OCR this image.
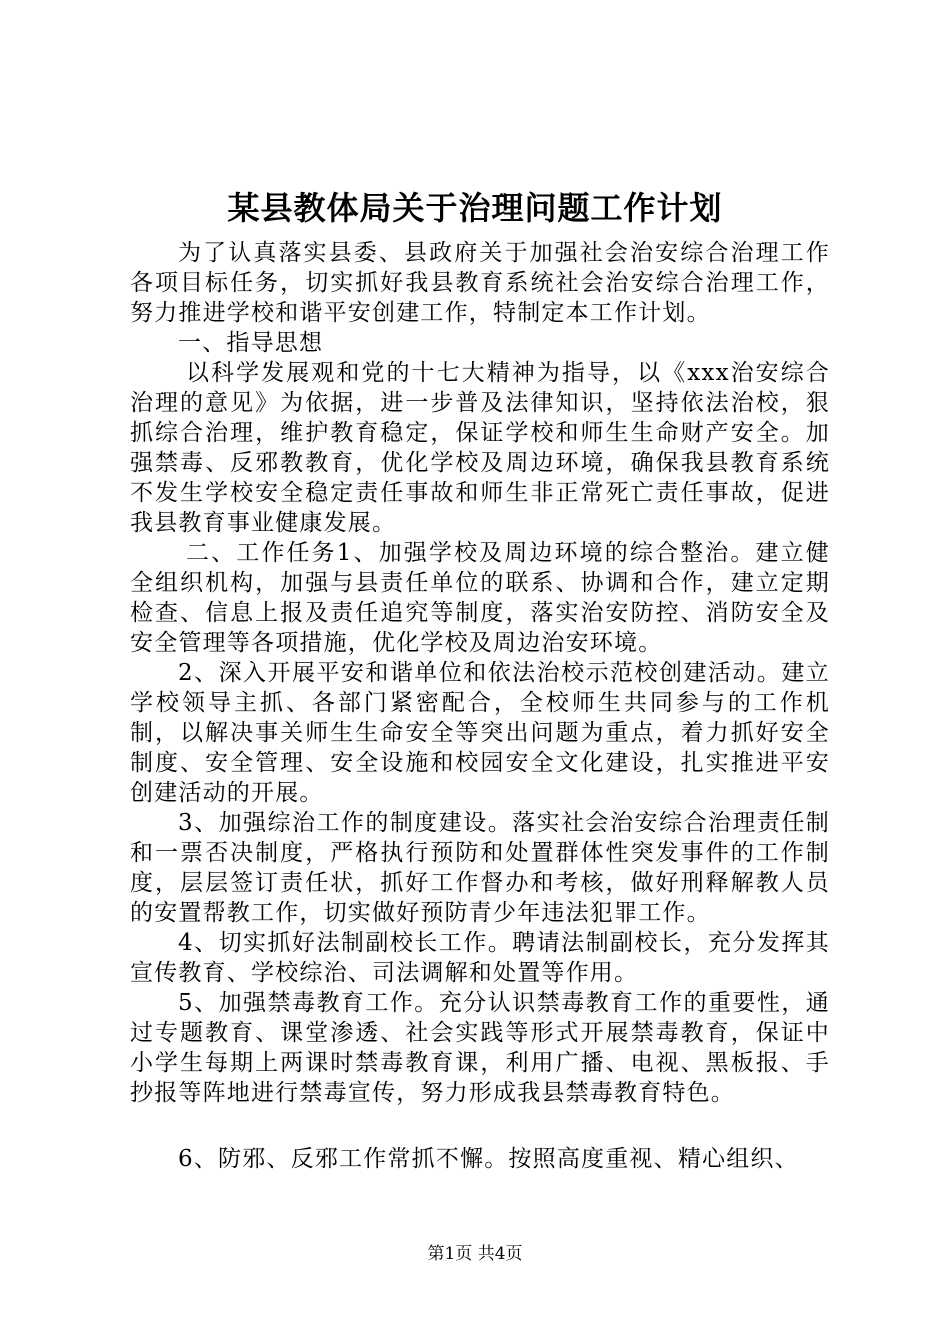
某县教体局关于治理问题工作计划

为了认真落实县委、县政府关于加强社会治安综合治理工作各项目标任务，切实抓好我县教育系统社会治安综合治理工作，努力推进学校和谐平安创建工作，特制定本工作计划。

一、指导思想

以科学发展观和党的十七大精神为指导，以《xxx治安综合治理的意见》为依据，进一步普及法律知识，坚持依法治校，狠抓综合治理，维护教育稳定，保证学校和师生生命财产安全。加强禁毒、反邪教教育，优化学校及周边环境，确保我县教育系统不发生学校安全稳定责任事故和师生非正常死亡责任事故，促进我县教育事业健康发展。

二、工作任务1、加强学校及周边环境的综合整治。建立健全组织机构，加强与县责任单位的联系、协调和合作，建立定期检查、信息上报及责任追究等制度，落实治安防控、消防安全及安全管理等各项措施，优化学校及周边治安环境。

2、深入开展平安和谐单位和依法治校示范校创建活动。建立学校领导主抓、各部门紧密配合，全校师生共同参与的工作机制，以解决事关师生生命安全等突出问题为重点，着力抓好安全制度、安全管理、安全设施和校园安全文化建设，扎实推进平安创建活动的开展。

3、加强综治工作的制度建设。落实社会治安综合治理责任制和一票否决制度，严格执行预防和处置群体性突发事件的工作制度，层层签订责任状，抓好工作督办和考核，做好刑释解教人员的安置帮教工作，切实做好预防青少年违法犯罪工作。

4、切实抓好法制副校长工作。聘请法制副校长，充分发挥其宣传教育、学校综治、司法调解和处置等作用。

5、加强禁毒教育工作。充分认识禁毒教育工作的重要性，通过专题教育、课堂渗透、社会实践等形式开展禁毒教育，保证中小学生每期上两课时禁毒教育课，利用广播、电视、黑板报、手抄报等阵地进行禁毒宣传，努力形成我县禁毒教育特色。

6、防邪、反邪工作常抓不懈。按照高度重视、精心组织、

第1页 共4页
